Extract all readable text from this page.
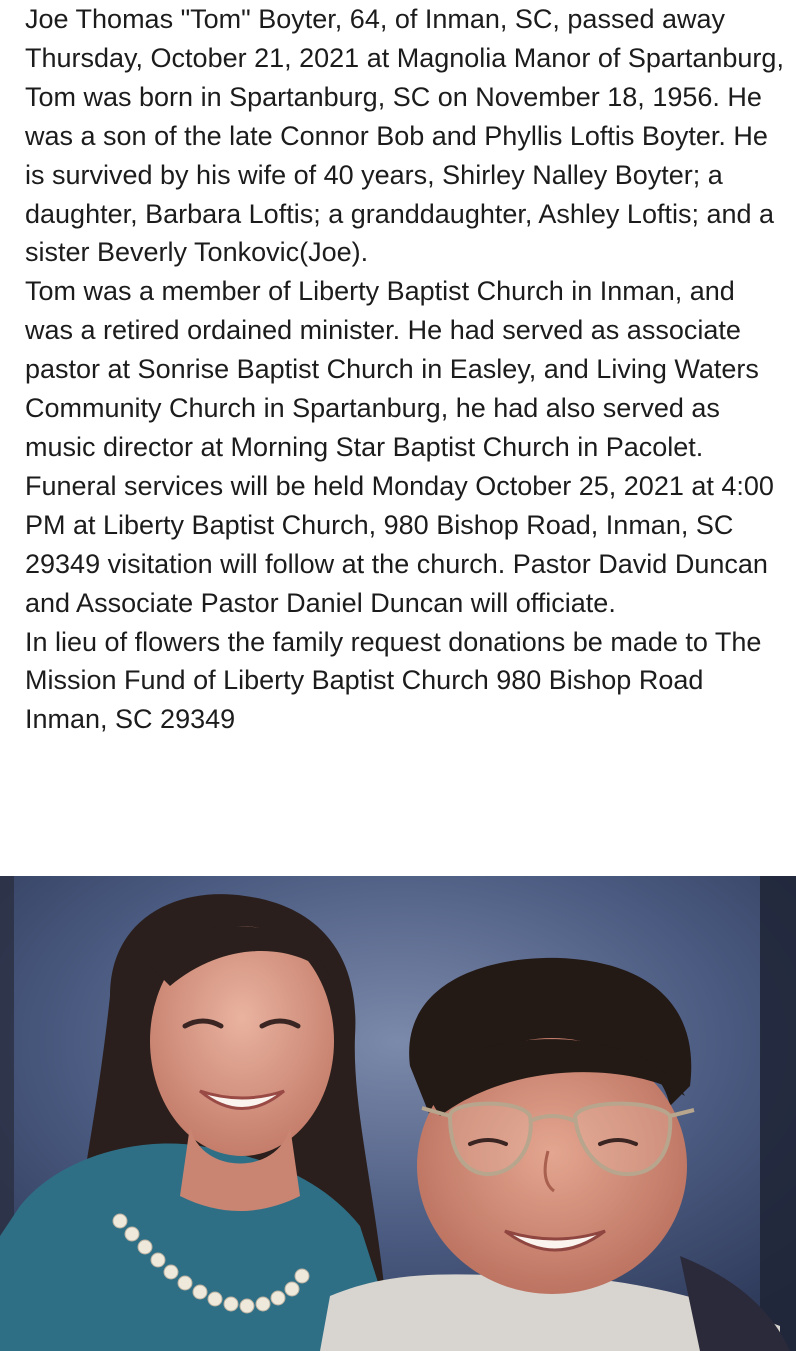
Joe Thomas "Tom" Boyter, 64, of Inman, SC, passed away Thursday, October 21, 2021 at Magnolia Manor of Spartanburg, Tom was born in Spartanburg, SC on November 18, 1956. He was a son of the late Connor Bob and Phyllis Loftis Boyter. He is survived by his wife of 40 years, Shirley Nalley Boyter; a daughter, Barbara Loftis; a granddaughter, Ashley Loftis; and a sister Beverly Tonkovic(Joe).

Tom was a member of Liberty Baptist Church in Inman, and was a retired ordained minister. He had served as associate pastor at Sonrise Baptist Church in Easley, and Living Waters Community Church in Spartanburg, he had also served as music director at Morning Star Baptist Church in Pacolet.

Funeral services will be held Monday October 25, 2021 at 4:00 PM at Liberty Baptist Church, 980 Bishop Road, Inman, SC 29349 visitation will follow at the church. Pastor David Duncan and Associate Pastor Daniel Duncan will officiate.

In lieu of flowers the family request donations be made to The Mission Fund of Liberty Baptist Church 980 Bishop Road Inman, SC 29349
